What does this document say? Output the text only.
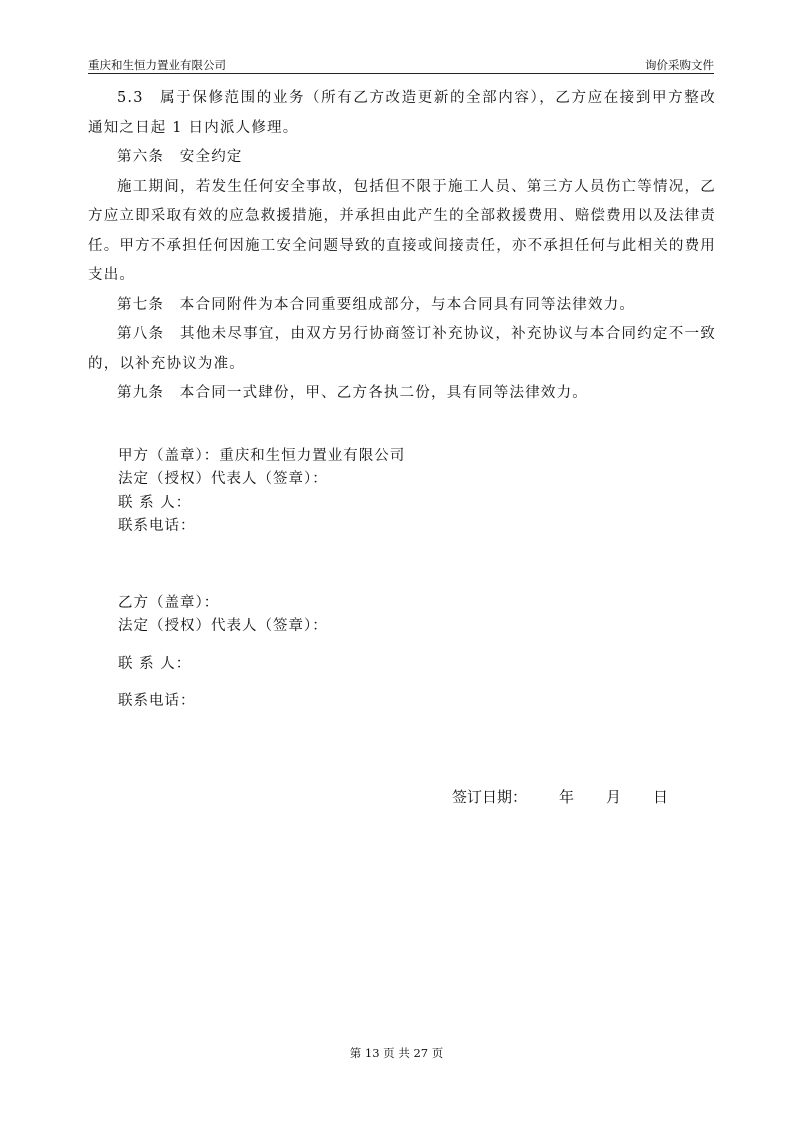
重庆和生恒力置业有限公司	询价采购文件

5.3　属于保修范围的业务（所有乙方改造更新的全部内容），乙方应在接到甲方整改通知之日起 1 日内派人修理。

第六条　安全约定

施工期间，若发生任何安全事故，包括但不限于施工人员、第三方人员伤亡等情况，乙方应立即采取有效的应急救援措施，并承担由此产生的全部救援费用、赔偿费用以及法律责任。甲方不承担任何因施工安全问题导致的直接或间接责任，亦不承担任何与此相关的费用支出。

第七条　本合同附件为本合同重要组成部分，与本合同具有同等法律效力。

第八条　其他未尽事宜，由双方另行协商签订补充协议，补充协议与本合同约定不一致的，以补充协议为准。

第九条　本合同一式肆份，甲、乙方各执二份，具有同等法律效力。

甲方（盖章）：重庆和生恒力置业有限公司
法定（授权）代表人（签章）：
联 系 人：
联系电话：
乙方（盖章）：
法定（授权）代表人（签章）：
联 系 人：
联系电话：
签订日期： 年 月 日
第 13 页 共 27 页
